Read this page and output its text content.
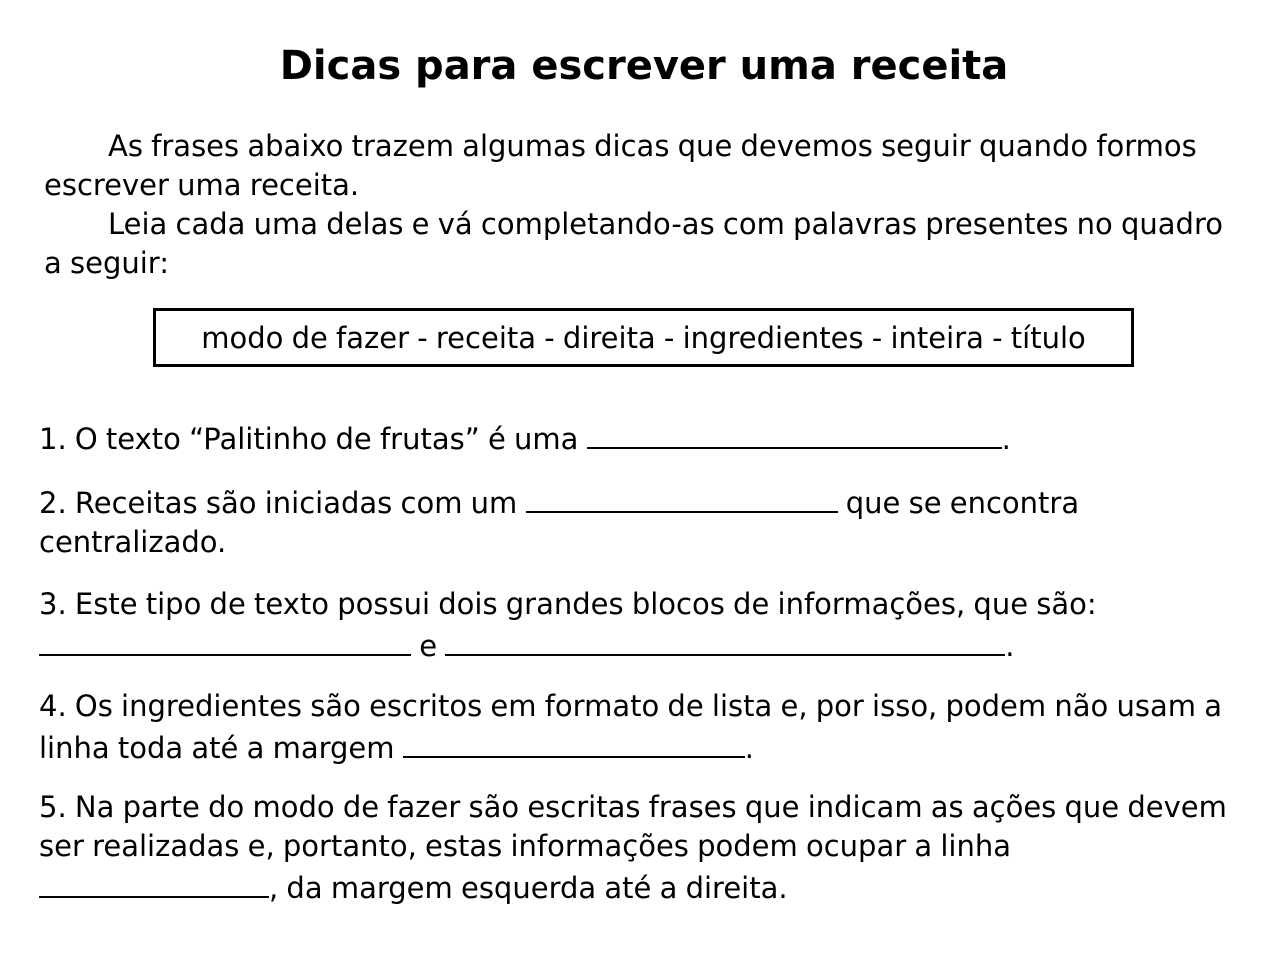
Dicas para escrever uma receita
As frases abaixo trazem algumas dicas que devemos seguir quando formos escrever uma receita.
Leia cada uma delas e vá completando-as com palavras presentes no quadro a seguir:
modo de fazer - receita - direita - ingredientes - inteira - título
1. O texto “Palitinho de frutas” é uma	.
2. Receitas são iniciadas com um	que se encontra centralizado.
3. Este tipo de texto possui dois grandes blocos de informações, que são:  e	.
4. Os ingredientes são escritos em formato de lista e, por isso, podem não usam a linha toda até a margem	.
5. Na parte do modo de fazer são escritas frases que indicam as ações que devem ser realizadas e, portanto, estas informações podem ocupar a linha , da margem esquerda até a direita.
